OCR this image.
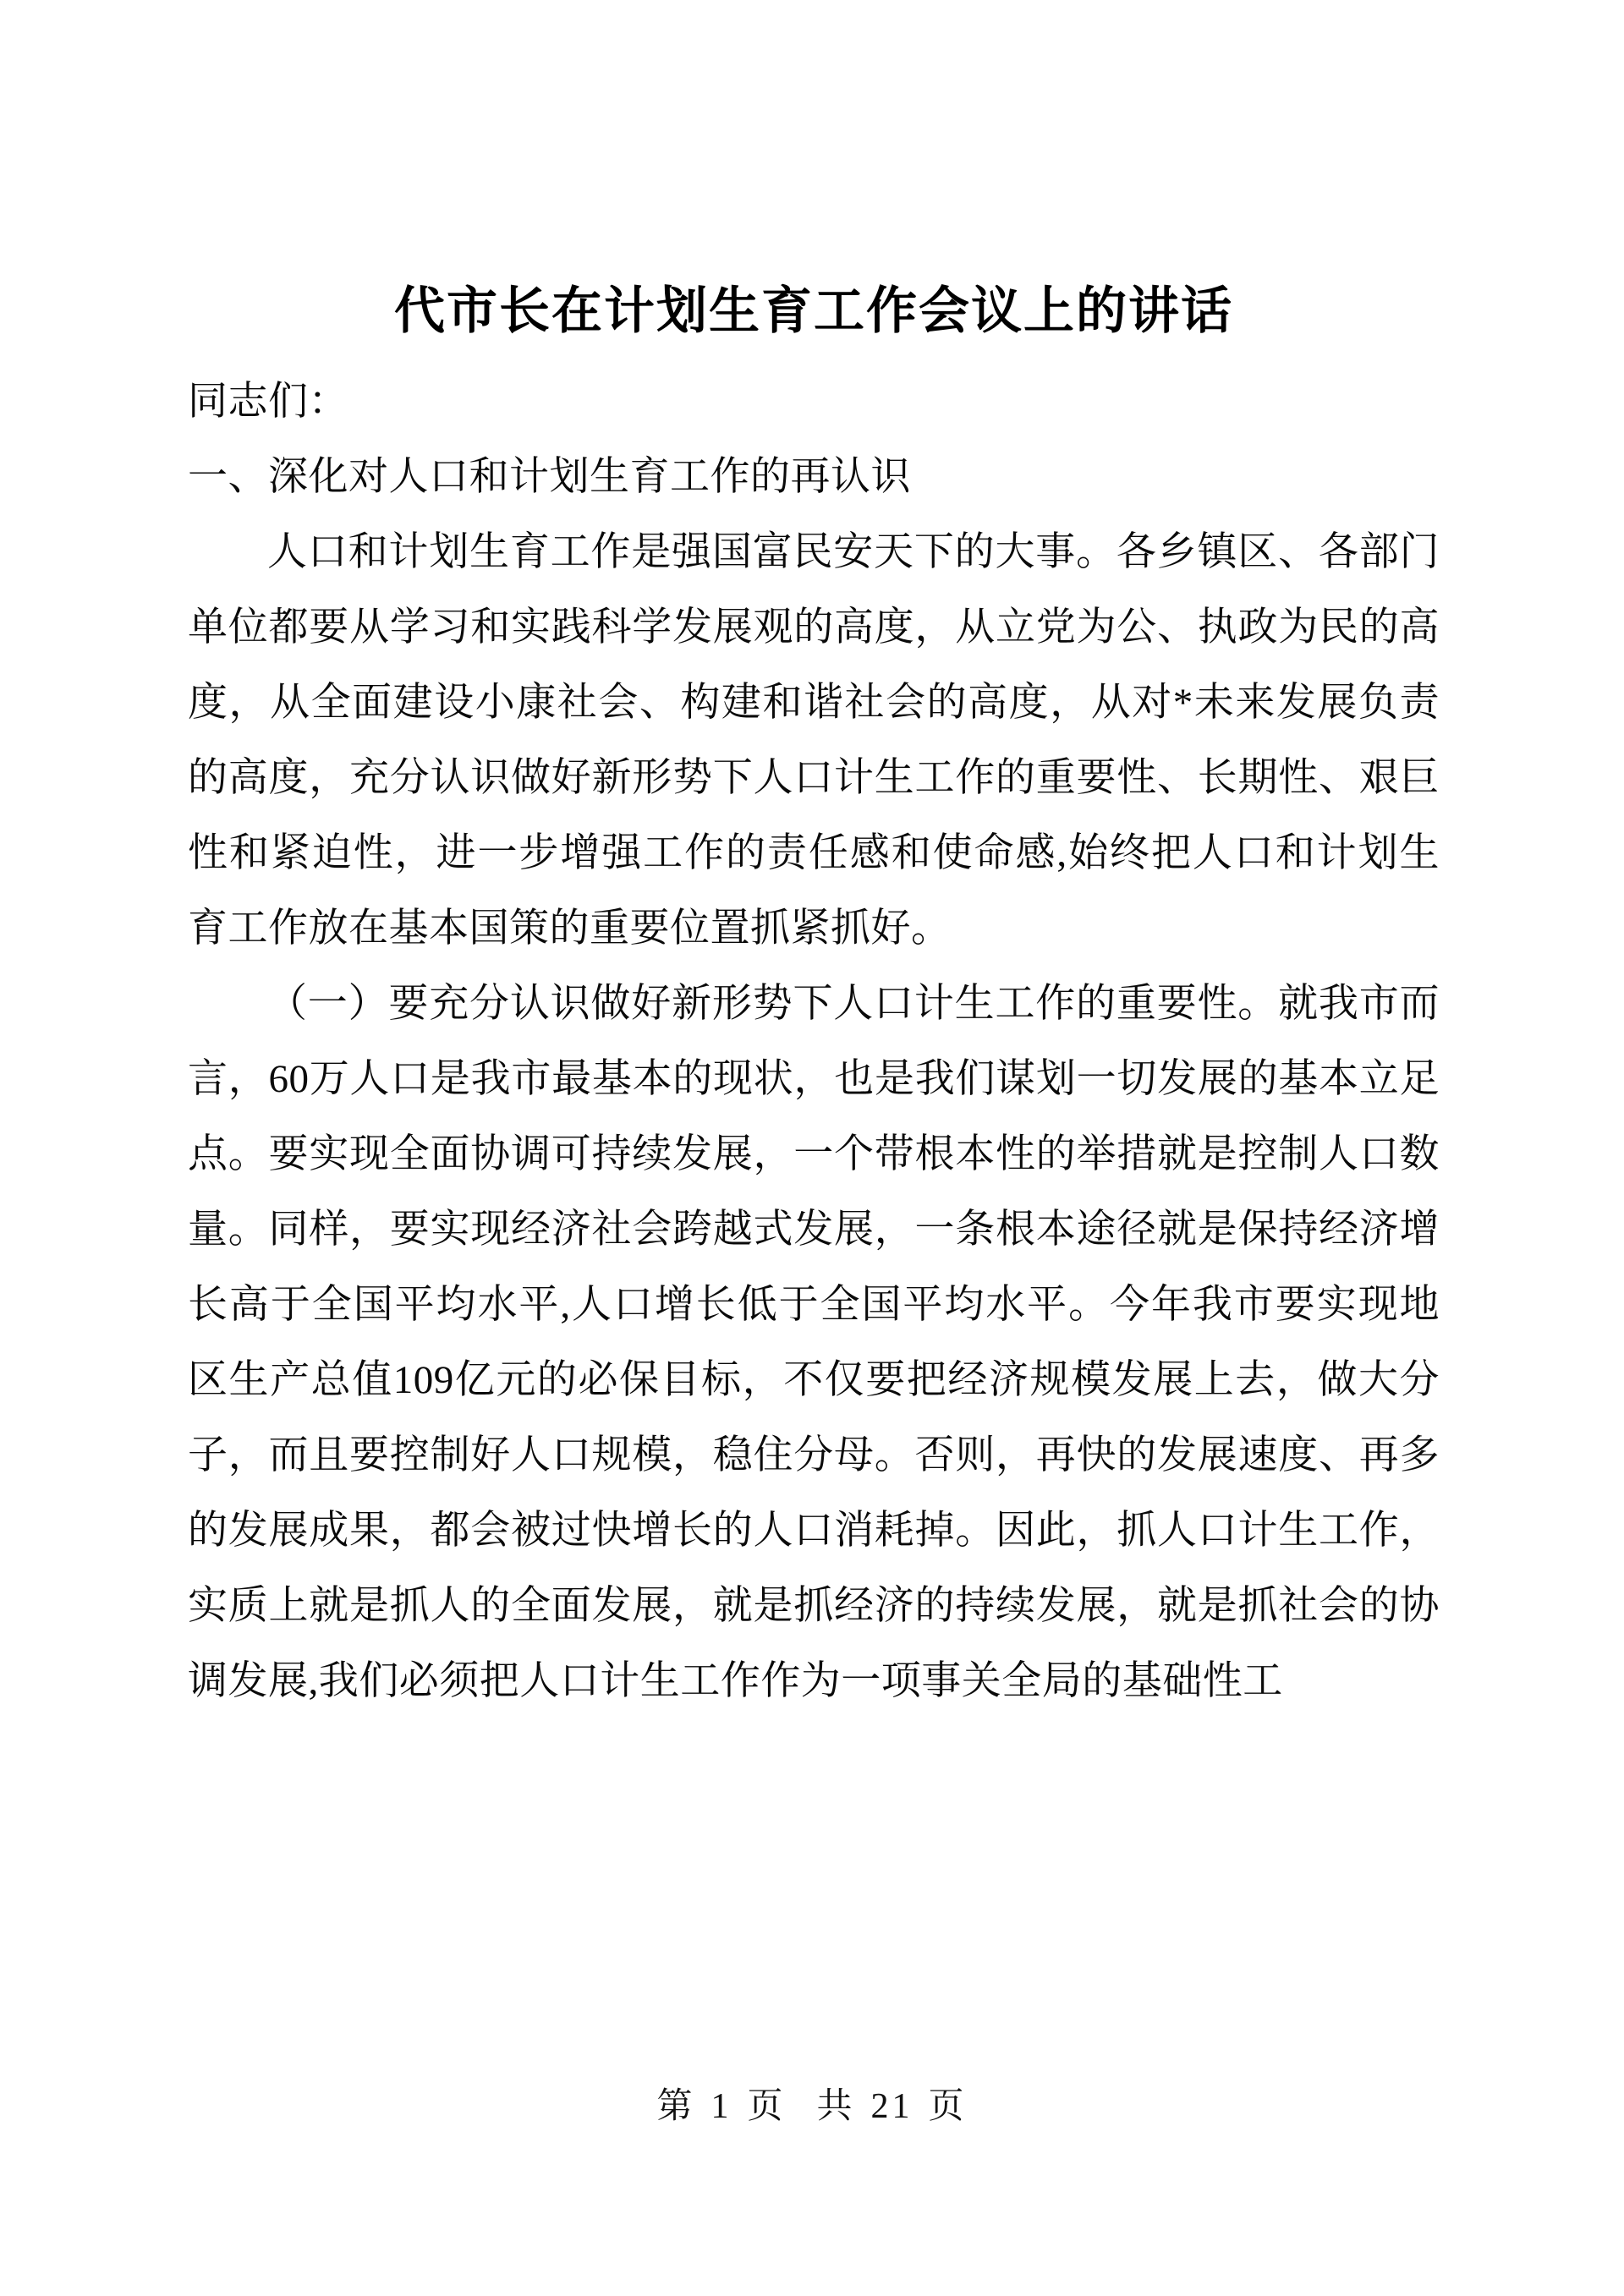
代市长在计划生育工作会议上的讲话

同志们：

一、深化对人口和计划生育工作的再认识

人口和计划生育工作是强国富民安天下的大事。各乡镇区、各部门单位都要从学习和实践科学发展观的高度，从立党为公、执政为民的高度，从全面建设小康社会、构建和谐社会的高度，从对*未来发展负责的高度，充分认识做好新形势下人口计生工作的重要性、长期性、艰巨性和紧迫性，进一步增强工作的责任感和使命感,始终把人口和计划生育工作放在基本国策的重要位置抓紧抓好。

（一）要充分认识做好新形势下人口计生工作的重要性。就我市而言，60万人口是我市最基本的现状，也是我们谋划一切发展的基本立足点。要实现全面协调可持续发展，一个带根本性的举措就是控制人口数量。同样，要实现经济社会跨越式发展，一条根本途径就是保持经济增长高于全国平均水平,人口增长低于全国平均水平。今年我市要实现地区生产总值109亿元的必保目标，不仅要把经济规模发展上去，做大分子，而且要控制好人口规模，稳住分母。否则，再快的发展速度、再多的发展成果，都会被过快增长的人口消耗掉。因此，抓人口计生工作，实质上就是抓人的全面发展，就是抓经济的持续发展，就是抓社会的协调发展,我们必须把人口计生工作作为一项事关全局的基础性工

第 1 页 共 21 页
